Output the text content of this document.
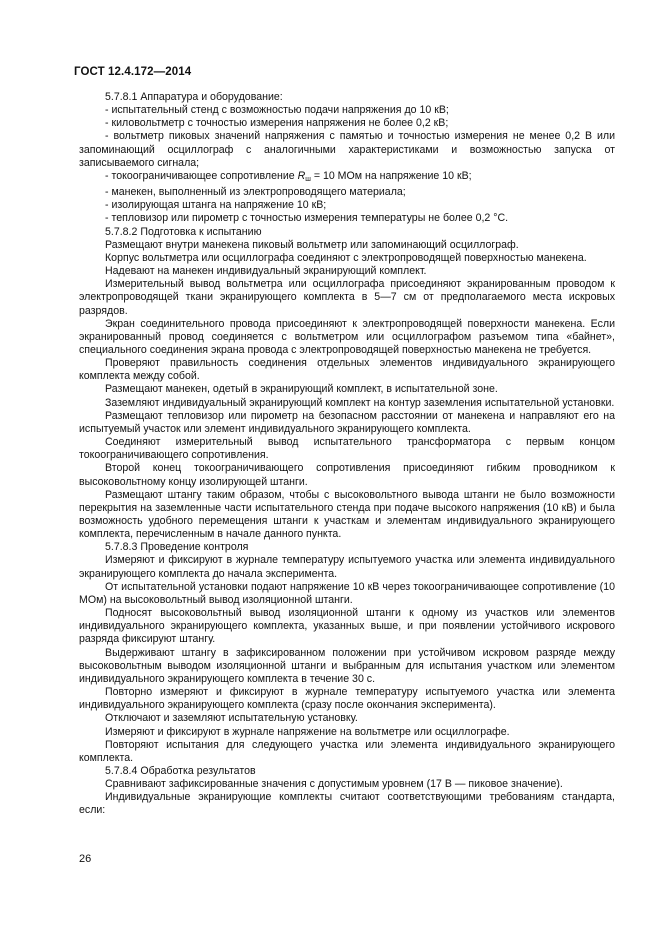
ГОСТ 12.4.172—2014

5.7.8.1 Аппаратура и оборудование:

- испытательный стенд с возможностью подачи напряжения до 10 кВ;

- киловольтметр с точностью измерения напряжения не более 0,2 кВ;

- вольтметр пиковых значений напряжения с памятью и точностью измерения не менее 0,2 В или запоминающий осциллограф с аналогичными характеристиками и возможностью запуска от записываемого сигнала;

- токоограничивающее сопротивление $R_ш = 10$ МОм на напряжение 10 кВ;

- манекен, выполненный из электропроводящего материала;

- изолирующая штанга на напряжение 10 кВ;

- тепловизор или пирометр с точностью измерения температуры не более 0,2 °С.

5.7.8.2 Подготовка к испытанию

Размещают внутри манекена пиковый вольтметр или запоминающий осциллограф.

Корпус вольтметра или осциллографа соединяют с электропроводящей поверхностью манекена.

Надевают на манекен индивидуальный экранирующий комплект.

Измерительный вывод вольтметра или осциллографа присоединяют экранированным проводом к электропроводящей ткани экранирующего комплекта в 5—7 см от предполагаемого места искровых разрядов.

Экран соединительного провода присоединяют к электропроводящей поверхности манекена. Если экранированный провод соединяется с вольтметром или осциллографом разъемом типа «байнет», специального соединения экрана провода с электропроводящей поверхностью манекена не требуется.

Проверяют правильность соединения отдельных элементов индивидуального экранирующего комплекта между собой.

Размещают манекен, одетый в экранирующий комплект, в испытательной зоне.

Заземляют индивидуальный экранирующий комплект на контур заземления испытательной установки.

Размещают тепловизор или пирометр на безопасном расстоянии от манекена и направляют его на испытуемый участок или элемент индивидуального экранирующего комплекта.

Соединяют измерительный вывод испытательного трансформатора с первым концом токоограничивающего сопротивления.

Второй конец токоограничивающего сопротивления присоединяют гибким проводником к высоковольтному концу изолирующей штанги.

Размещают штангу таким образом, чтобы с высоковольтного вывода штанги не было возможности перекрытия на заземленные части испытательного стенда при подаче высокого напряжения (10 кВ) и была возможность удобного перемещения штанги к участкам и элементам индивидуального экранирующего комплекта, перечисленным в начале данного пункта.

5.7.8.3 Проведение контроля

Измеряют и фиксируют в журнале температуру испытуемого участка или элемента индивидуального экранирующего комплекта до начала эксперимента.

От испытательной установки подают напряжение 10 кВ через токоограничивающее сопротивление (10 МОм) на высоковольтный вывод изоляционной штанги.

Подносят высоковольтный вывод изоляционной штанги к одному из участков или элементов индивидуального экранирующего комплекта, указанных выше, и при появлении устойчивого искрового разряда фиксируют штангу.

Выдерживают штангу в зафиксированном положении при устойчивом искровом разряде между высоковольтным выводом изоляционной штанги и выбранным для испытания участком или элементом индивидуального экранирующего комплекта в течение 30 с.

Повторно измеряют и фиксируют в журнале температуру испытуемого участка или элемента индивидуального экранирующего комплекта (сразу после окончания эксперимента).

Отключают и заземляют испытательную установку.

Измеряют и фиксируют в журнале напряжение на вольтметре или осциллографе.

Повторяют испытания для следующего участка или элемента индивидуального экранирующего комплекта.

5.7.8.4 Обработка результатов

Сравнивают зафиксированные значения с допустимым уровнем (17 В — пиковое значение).

Индивидуальные экранирующие комплекты считают соответствующими требованиям стандарта, если:

26
